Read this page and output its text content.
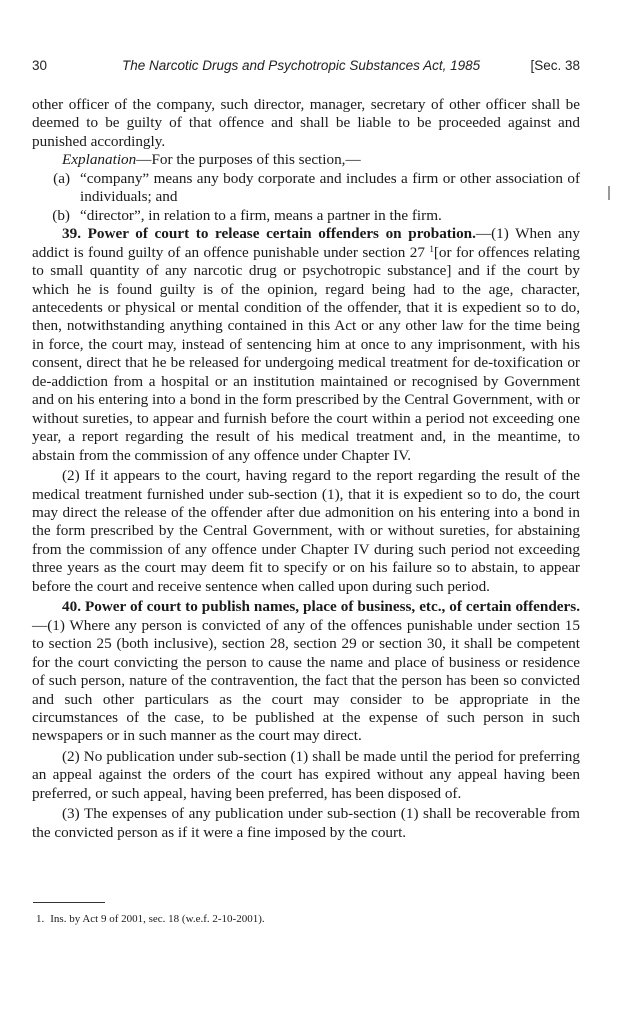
30	The Narcotic Drugs and Psychotropic Substances Act, 1985	[Sec. 38

other officer of the company, such director, manager, secretary of other officer shall be deemed to be guilty of that offence and shall be liable to be proceeded against and punished accordingly.

Explanation—For the purposes of this section,—

(a) “company” means any body corporate and includes a firm or other association of individuals; and
(b) “director”, in relation to a firm, means a partner in the firm.

39. Power of court to release certain offenders on probation.—(1) When any addict is found guilty of an offence punishable under section 27 $^1$[or for offences relating to small quantity of any narcotic drug or psychotropic substance] and if the court by which he is found guilty is of the opinion, regard being had to the age, character, antecedents or physical or mental condition of the offender, that it is expedient so to do, then, notwithstanding anything contained in this Act or any other law for the time being in force, the court may, instead of sentencing him at once to any imprisonment, with his consent, direct that he be released for undergoing medical treatment for de-toxification or de-addiction from a hospital or an institution maintained or recognised by Government and on his entering into a bond in the form prescribed by the Central Government, with or without sureties, to appear and furnish before the court within a period not exceeding one year, a report regarding the result of his medical treatment and, in the meantime, to abstain from the commission of any offence under Chapter IV.

(2) If it appears to the court, having regard to the report regarding the result of the medical treatment furnished under sub-section (1), that it is expedient so to do, the court may direct the release of the offender after due admonition on his entering into a bond in the form prescribed by the Central Government, with or without sureties, for abstaining from the commission of any offence under Chapter IV during such period not exceeding three years as the court may deem fit to specify or on his failure so to abstain, to appear before the court and receive sentence when called upon during such period.

40. Power of court to publish names, place of business, etc., of certain offenders.—(1) Where any person is convicted of any of the offences punishable under section 15 to section 25 (both inclusive), section 28, section 29 or section 30, it shall be competent for the court convicting the person to cause the name and place of business or residence of such person, nature of the contravention, the fact that the person has been so convicted and such other particulars as the court may consider to be appropriate in the circumstances of the case, to be published at the expense of such person in such newspapers or in such manner as the court may direct.

(2) No publication under sub-section (1) shall be made until the period for preferring an appeal against the orders of the court has expired without any appeal having been preferred, or such appeal, having been preferred, has been disposed of.

(3) The expenses of any publication under sub-section (1) shall be recoverable from the convicted person as if it were a fine imposed by the court.

1. Ins. by Act 9 of 2001, sec. 18 (w.e.f. 2-10-2001).
